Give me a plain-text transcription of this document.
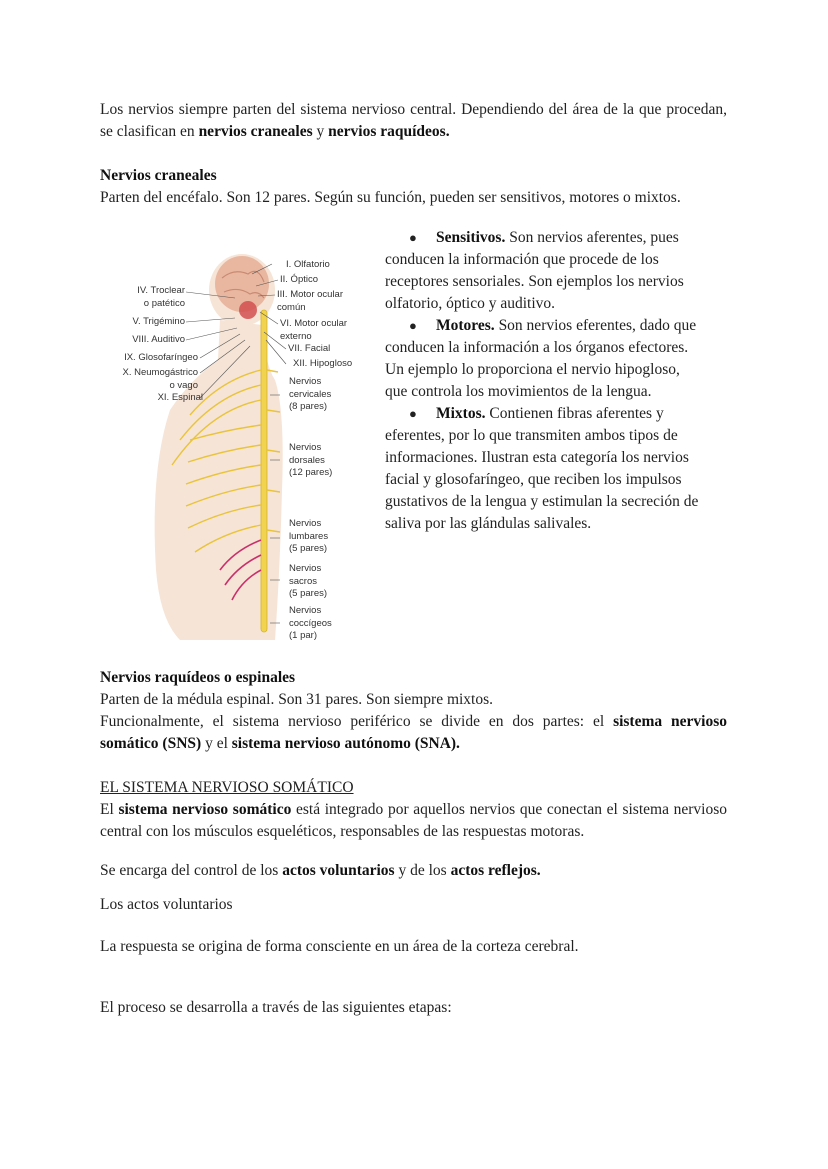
Los nervios siempre parten del sistema nervioso central. Dependiendo del área de la que procedan, se clasifican en nervios craneales y nervios raquídeos.

Nervios craneales

Parten del encéfalo. Son 12 pares. Según su función, pueden ser sensitivos, motores o mixtos.

IV. Troclear
o patético
V. Trigémino
VIII. Auditivo
IX. Glosofaríngeo
X. Neumogástrico
o vago
XI. Espinal
I. Olfatorio
II. Óptico
III. Motor ocular
común
VI. Motor ocular
externo
VII. Facial
XII. Hipogloso
Nervios
cervicales
(8 pares)
Nervios
dorsales
(12 pares)
Nervios
lumbares
(5 pares)
Nervios
sacros
(5 pares)
Nervios
coccígeos
(1 par)
● Sensitivos. Son nervios aferentes, pues
conducen la información que procede de los
receptores sensoriales. Son ejemplos los nervios
olfatorio, óptico y auditivo.
● Motores. Son nervios eferentes, dado que
conducen la información a los órganos efectores.
Un ejemplo lo proporciona el nervio hipogloso,
que controla los movimientos de la lengua.
● Mixtos. Contienen fibras aferentes y
eferentes, por lo que transmiten ambos tipos de
informaciones. Ilustran esta categoría los nervios
facial y glosofaríngeo, que reciben los impulsos
gustativos de la lengua y estimulan la secreción de
saliva por las glándulas salivales.

Nervios raquídeos o espinales

Parten de la médula espinal. Son 31 pares. Son siempre mixtos.

Funcionalmente, el sistema nervioso periférico se divide en dos partes: el sistema nervioso somático (SNS) y el sistema nervioso autónomo (SNA).

EL SISTEMA NERVIOSO SOMÁTICO

El sistema nervioso somático está integrado por aquellos nervios que conectan el sistema nervioso central con los músculos esqueléticos, responsables de las respuestas motoras.

Se encarga del control de los actos voluntarios y de los actos reflejos.

Los actos voluntarios

La respuesta se origina de forma consciente en un área de la corteza cerebral.

El proceso se desarrolla a través de las siguientes etapas:
